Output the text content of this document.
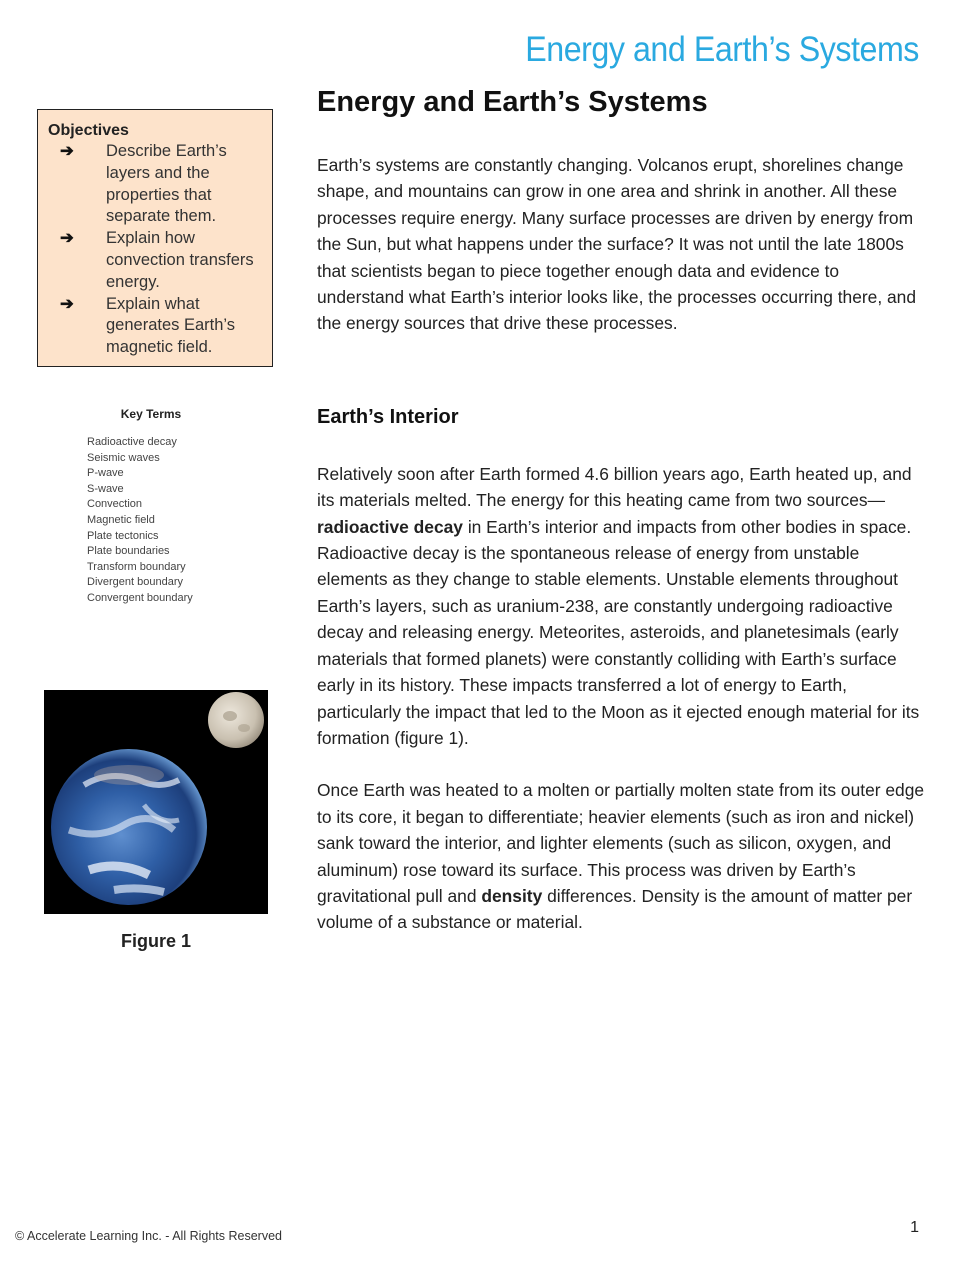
Energy and Earth’s Systems
Objectives
➔	Describe Earth’s layers and the properties that separate them.
➔	Explain how convection transfers energy.
➔	Explain what generates Earth’s magnetic field.
Key Terms
Radioactive decay
Seismic waves
P-wave
S-wave
Convection
Magnetic field
Plate tectonics
Plate boundaries
Transform boundary
Divergent boundary
Convergent boundary
Figure 1
Energy and Earth’s Systems

Earth’s systems are constantly changing. Volcanos erupt, shorelines change shape, and mountains can grow in one area and shrink in another. All these processes require energy. Many surface processes are driven by energy from the Sun, but what happens under the surface? It was not until the late 1800s that scientists began to piece together enough data and evidence to understand what Earth’s interior looks like, the processes occurring there, and the energy sources that drive these processes.

Earth’s Interior

Relatively soon after Earth formed 4.6 billion years ago, Earth heated up, and its materials melted. The energy for this heating came from two sources—radioactive decay in Earth’s interior and impacts from other bodies in space. Radioactive decay is the spontaneous release of energy from unstable elements as they change to stable elements. Unstable elements throughout Earth’s layers, such as uranium-238, are constantly undergoing radioactive decay and releasing energy. Meteorites, asteroids, and planetesimals (early materials that formed planets) were constantly colliding with Earth’s surface early in its history. These impacts transferred a lot of energy to Earth, particularly the impact that led to the Moon as it ejected enough material for its formation (figure 1).

Once Earth was heated to a molten or partially molten state from its outer edge to its core, it began to differentiate; heavier elements (such as iron and nickel) sank toward the interior, and lighter elements (such as silicon, oxygen, and aluminum) rose toward its surface. This process was driven by Earth’s gravitational pull and density differences. Density is the amount of matter per volume of a substance or material.

© Accelerate Learning Inc. - All Rights Reserved	1
